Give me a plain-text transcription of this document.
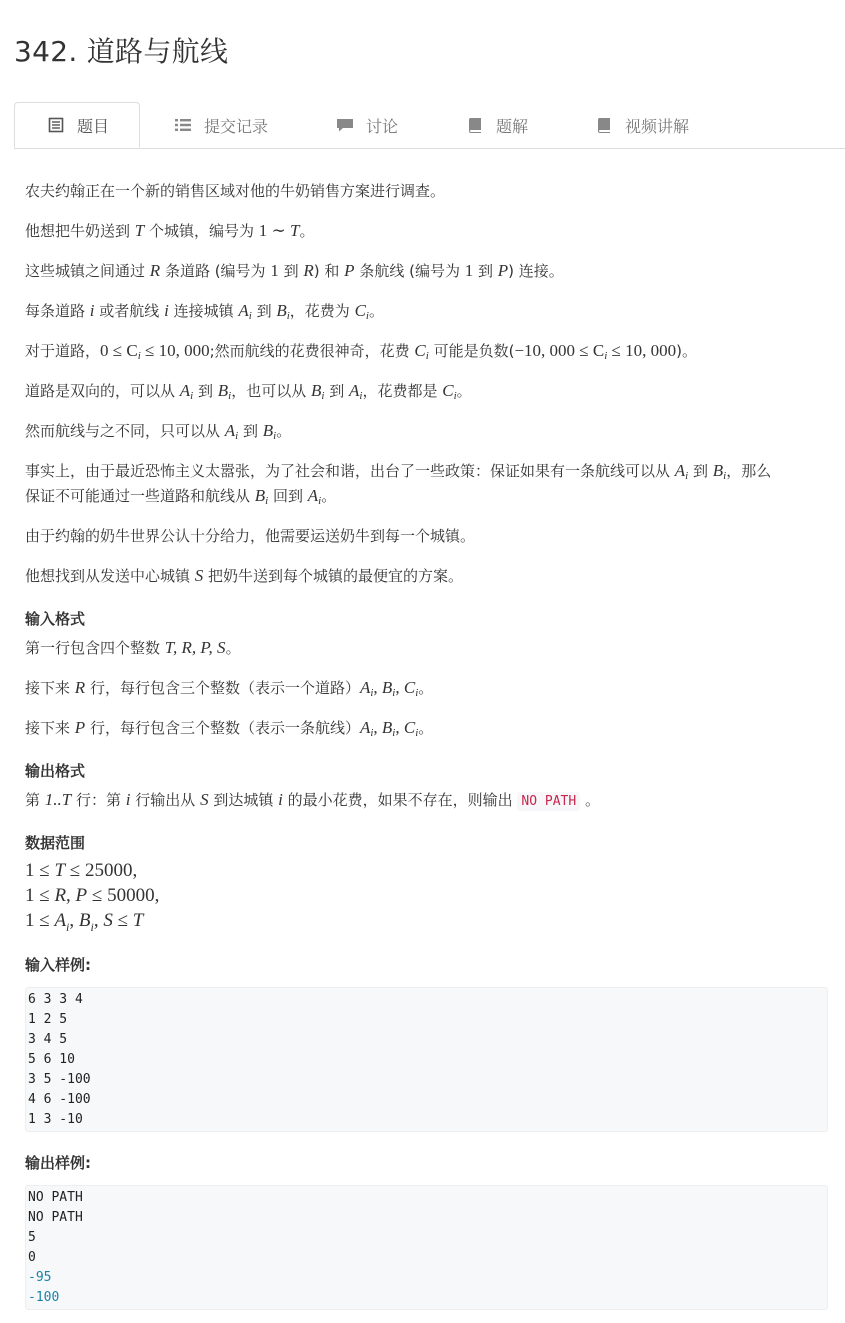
342. 道路与航线
题目	提交记录	讨论	题解	视频讲解
农夫约翰正在一个新的销售区域对他的牛奶销售方案进行调查。
他想把牛奶送到 T 个城镇，编号为 1 ∼ T。
这些城镇之间通过 R 条道路 (编号为 1 到 R) 和 P 条航线 (编号为 1 到 P) 连接。
每条道路 i 或者航线 i 连接城镇 $A_i$ 到 $B_i$，花费为 $C_i$。
对于道路，$0 \le C_i \le 10$, 000;然而航线的花费很神奇，花费 $C_i$ 可能是负数(−10, $000 \le C_i \le 10$, 000)。
道路是双向的，可以从 $A_i$ 到 $B_i$，也可以从 $B_i$ 到 $A_i$，花费都是 $C_i$。
然而航线与之不同，只可以从 $A_i$ 到 $B_i$。
事实上，由于最近恐怖主义太嚣张，为了社会和谐，出台了一些政策：保证如果有一条航线可以从 $A_i$ 到 $B_i$，那么
保证不可能通过一些道路和航线从 $B_i$ 回到 $A_i$。
由于约翰的奶牛世界公认十分给力，他需要运送奶牛到每一个城镇。
他想找到从发送中心城镇 S 把奶牛送到每个城镇的最便宜的方案。
输入格式
第一行包含四个整数 T, R, P, S。
接下来 R 行，每行包含三个整数（表示一个道路）$A_i$, $B_i$, $C_i$。
接下来 P 行，每行包含三个整数（表示一条航线）$A_i$, $B_i$, $C_i$。
输出格式
第 1..T 行：第 i 行输出从 S 到达城镇 i 的最小花费，如果不存在，则输出 NO PATH 。
数据范围
1 ≤ T ≤ 25000,
1 ≤ R, P ≤ 50000,
$1 \le A_i$, $B_i$, S ≤ T
输入样例:
6 3 3 4
1 2 5
3 4 5
5 6 10
3 5 -100
4 6 -100
1 3 -10
输出样例:
NO PATH
NO PATH
5
0
-95
-100
